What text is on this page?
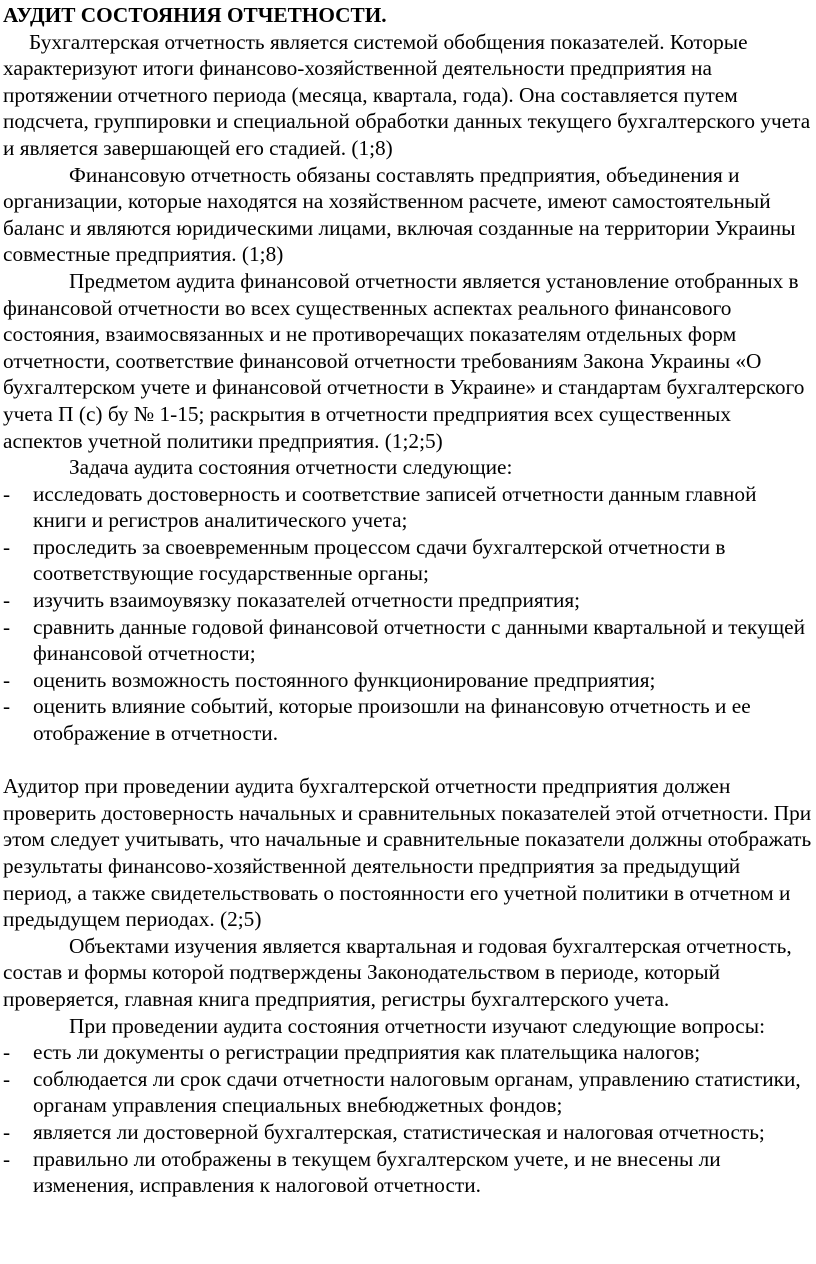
АУДИТ СОСТОЯНИЯ ОТЧЕТНОСТИ.

Бухгалтерская отчетность является системой обобщения показателей. Которые характеризуют итоги финансово-хозяйственной деятельности предприятия на протяжении отчетного периода (месяца, квартала, года). Она составляется путем подсчета, группировки и специальной обработки данных текущего бухгалтерского учета и является завершающей его стадией. (1;8)

Финансовую отчетность обязаны составлять предприятия, объединения и организации, которые находятся на хозяйственном расчете, имеют самостоятельный баланс и являются юридическими лицами, включая созданные на территории Украины совместные предприятия. (1;8)

Предметом аудита финансовой отчетности является установление отобранных в финансовой отчетности во всех существенных аспектах реального финансового состояния, взаимосвязанных и не противоречащих показателям отдельных форм отчетности, соответствие финансовой отчетности требованиям Закона Украины «О бухгалтерском учете и финансовой отчетности в Украине» и стандартам бухгалтерского учета П (с) бу № 1-15; раскрытия в отчетности предприятия всех существенных аспектов учетной политики предприятия. (1;2;5)

Задача аудита состояния отчетности следующие:

- исследовать достоверность и соответствие записей отчетности данным главной книги и регистров аналитического учета;
- проследить за своевременным процессом сдачи бухгалтерской отчетности в соответствующие государственные органы;
- изучить взаимоувязку показателей отчетности предприятия;
- сравнить данные годовой финансовой отчетности с данными квартальной и текущей финансовой отчетности;
- оценить возможность постоянного функционирование предприятия;
- оценить влияние событий, которые произошли на финансовую отчетность и ее отображение в отчетности.

Аудитор при проведении аудита бухгалтерской отчетности предприятия должен проверить достоверность начальных и сравнительных показателей этой отчетности. При этом следует учитывать, что начальные и сравнительные показатели должны отображать результаты финансово-хозяйственной деятельности предприятия за предыдущий период, а также свидетельствовать о постоянности его учетной политики в отчетном и предыдущем периодах. (2;5)

Объектами изучения является квартальная и годовая бухгалтерская отчетность, состав и формы которой подтверждены Законодательством в периоде, который проверяется, главная книга предприятия, регистры бухгалтерского учета.

При проведении аудита состояния отчетности изучают следующие вопросы:

- есть ли документы о регистрации предприятия как плательщика налогов;
- соблюдается ли срок сдачи отчетности налоговым органам, управлению статистики, органам управления специальных внебюджетных фондов;
- является ли достоверной бухгалтерская, статистическая и налоговая отчетность;
- правильно ли отображены в текущем бухгалтерском учете, и не внесены ли изменения, исправления к налоговой отчетности.
